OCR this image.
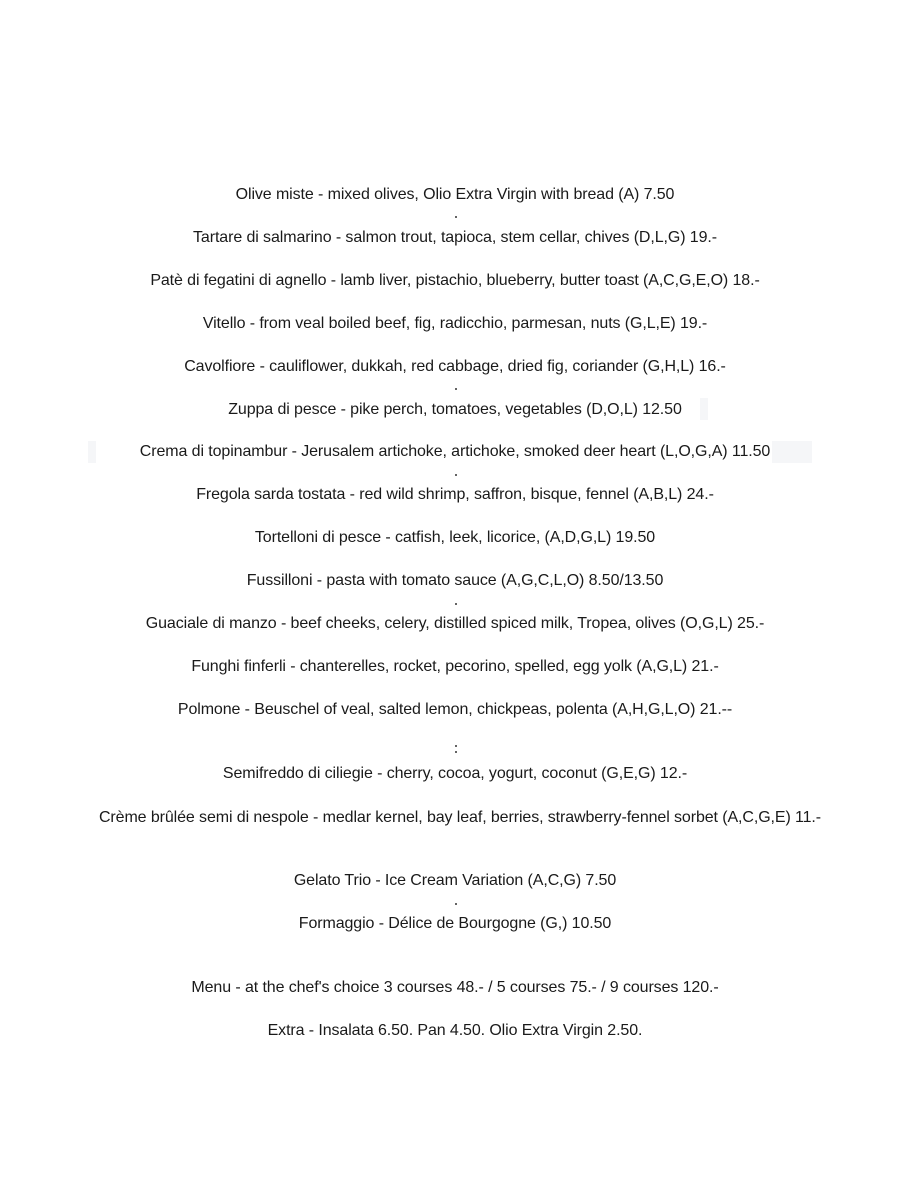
Olive miste - mixed olives, Olio Extra Virgin with bread (A) 7.50
Tartare di salmarino - salmon trout, tapioca, stem cellar, chives (D,L,G) 19.-
Patè di fegatini di agnello - lamb liver, pistachio, blueberry, butter toast (A,C,G,E,O) 18.-
Vitello - from veal boiled beef, fig, radicchio, parmesan, nuts (G,L,E) 19.-
Cavolfiore - cauliflower, dukkah, red cabbage, dried fig, coriander (G,H,L) 16.-
Zuppa di pesce - pike perch, tomatoes, vegetables (D,O,L) 12.50
Crema di topinambur - Jerusalem artichoke, artichoke, smoked deer heart (L,O,G,A) 11.50
Fregola sarda tostata - red wild shrimp, saffron, bisque, fennel (A,B,L) 24.-
Tortelloni di pesce - catfish, leek, licorice, (A,D,G,L) 19.50
Fussilloni - pasta with tomato sauce (A,G,C,L,O) 8.50/13.50
Guaciale di manzo - beef cheeks, celery, distilled spiced milk, Tropea, olives (O,G,L) 25.-
Funghi finferli - chanterelles, rocket, pecorino, spelled, egg yolk (A,G,L) 21.-
Polmone - Beuschel of veal, salted lemon, chickpeas, polenta (A,H,G,L,O) 21.--
Semifreddo di ciliegie - cherry, cocoa, yogurt, coconut (G,E,G) 12.-
Crème brûlée semi di nespole - medlar kernel, bay leaf, berries, strawberry-fennel sorbet (A,C,G,E) 11.-
Gelato Trio - Ice Cream Variation (A,C,G) 7.50
Formaggio - Délice de Bourgogne (G,) 10.50
Menu - at the chef's choice 3 courses 48.- / 5 courses 75.- / 9 courses 120.-
Extra - Insalata 6.50. Pan 4.50. Olio Extra Virgin 2.50.
